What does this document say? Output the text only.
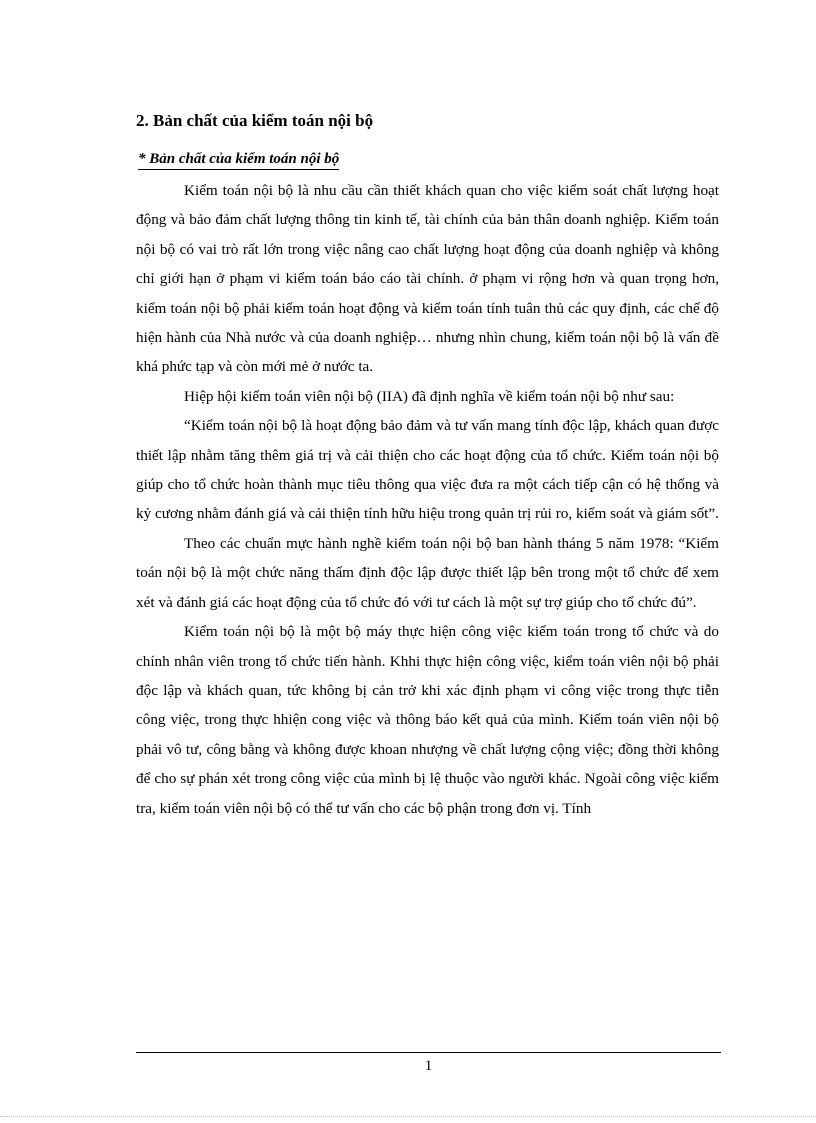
2. Bản chất của kiểm toán nội bộ
* Bản chất của kiểm toán nội bộ

Kiểm toán nội bộ là nhu cầu cần thiết khách quan cho việc kiểm soát chất lượng hoạt động và bảo đảm chất lượng thông tin kinh tế, tài chính của bản thân doanh nghiệp. Kiểm toán nội bộ có vai trò rất lớn trong việc nâng cao chất lượng hoạt động của doanh nghiệp và không chỉ giới hạn ở phạm vi kiểm toán báo cáo tài chính. ở phạm vi rộng hơn và quan trọng hơn, kiểm toán nội bộ phải kiểm toán hoạt động và kiểm toán tính tuân thủ các quy định, các chế độ hiện hành của Nhà nước và của doanh nghiệp… nhưng nhìn chung, kiểm toán nội bộ là vấn đề khá phức tạp và còn mới mẻ ở nước ta.

Hiệp hội kiểm toán viên nội bộ (IIA) đã định nghĩa về kiểm toán nội bộ như sau:

“Kiểm toán nội bộ là hoạt động bảo đảm và tư vấn mang tính độc lập, khách quan được thiết lập nhằm tăng thêm giá trị và cải thiện cho các hoạt động của tổ chức. Kiểm toán nội bộ giúp cho tổ chức hoàn thành mục tiêu thông qua việc đưa ra một cách tiếp cận có hệ thống và kỷ cương nhằm đánh giá và cải thiện tính hữu hiệu trong quản trị rủi ro, kiểm soát và giám sốt”.

Theo các chuẩn mực hành nghề kiểm toán nội bộ ban hành tháng 5 năm 1978: “Kiểm toán nội bộ là một chức năng thẩm định độc lập được thiết lập bên trong một tổ chức để xem xét và đánh giá các hoạt động của tổ chức đó với tư cách là một sự trợ giúp cho tổ chức đú”.

Kiểm toán nội bộ là một bộ máy thực hiện công việc kiểm toán trong tổ chức và do chính nhân viên trong tổ chức tiến hành. Khhi thực hiện công việc, kiểm toán viên nội bộ phải độc lập và khách quan, tức không bị cản trở khi xác định phạm vi công việc trong thực tiễn công việc, trong thực hhiện cong việc và thông báo kết quả của mình. Kiểm toán viên nội bộ phải vô tư, công bằng và không được khoan nhượng về chất lượng cộng việc; đồng thời không để cho sự phán xét trong công việc của mình bị lệ thuộc vào người khác. Ngoài công việc kiểm tra, kiểm toán viên nội bộ có thể tư vấn cho các bộ phận trong đơn vị. Tính

1
